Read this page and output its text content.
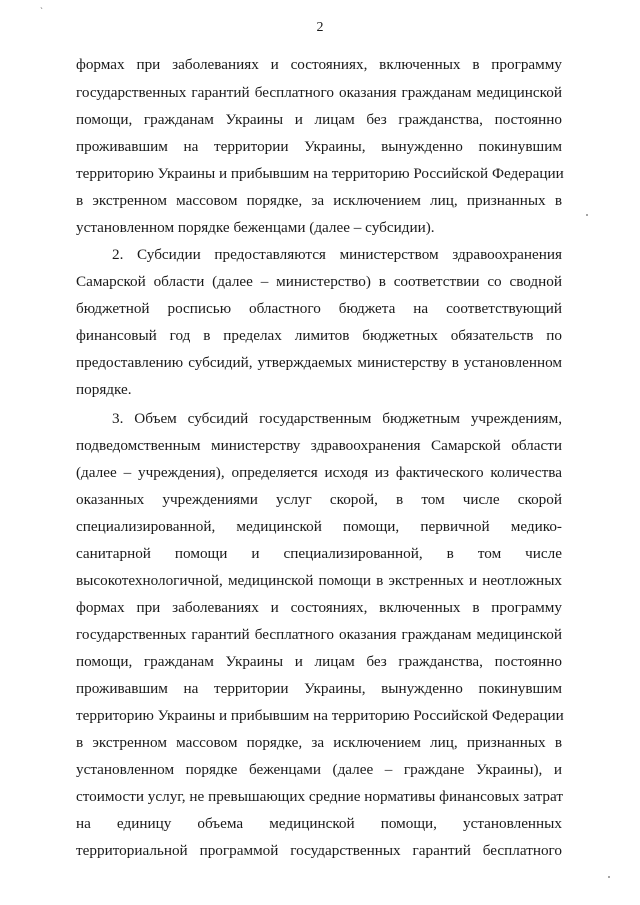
`
2
формах при заболеваниях и состояниях, включенных в программу
государственных гарантий бесплатного оказания гражданам медицинской
помощи, гражданам Украины и лицам без гражданства, постоянно
проживавшим на территории Украины, вынужденно покинувшим
территорию Украины и прибывшим на территорию Российской Федерации
в экстренном массовом порядке, за исключением лиц, признанных в
установленном порядке беженцами (далее – субсидии).
2. Субсидии предоставляются министерством здравоохранения
Самарской области (далее – министерство) в соответствии со сводной
бюджетной росписью областного бюджета на соответствующий
финансовый год в пределах лимитов бюджетных обязательств по
предоставлению субсидий, утверждаемых министерству в установленном
порядке.
3. Объем субсидий государственным бюджетным учреждениям,
подведомственным министерству здравоохранения Самарской области
(далее – учреждения), определяется исходя из фактического количества
оказанных учреждениями услуг скорой, в том числе скорой
специализированной, медицинской помощи, первичной медико-
санитарной помощи и специализированной, в том числе
высокотехнологичной, медицинской помощи в экстренных и неотложных
формах при заболеваниях и состояниях, включенных в программу
государственных гарантий бесплатного оказания гражданам медицинской
помощи, гражданам Украины и лицам без гражданства, постоянно
проживавшим на территории Украины, вынужденно покинувшим
территорию Украины и прибывшим на территорию Российской Федерации
в экстренном массовом порядке, за исключением лиц, признанных в
установленном порядке беженцами (далее – граждане Украины), и
стоимости услуг, не превышающих средние нормативы финансовых затрат
на единицу объема медицинской помощи, установленных
территориальной программой государственных гарантий бесплатного
